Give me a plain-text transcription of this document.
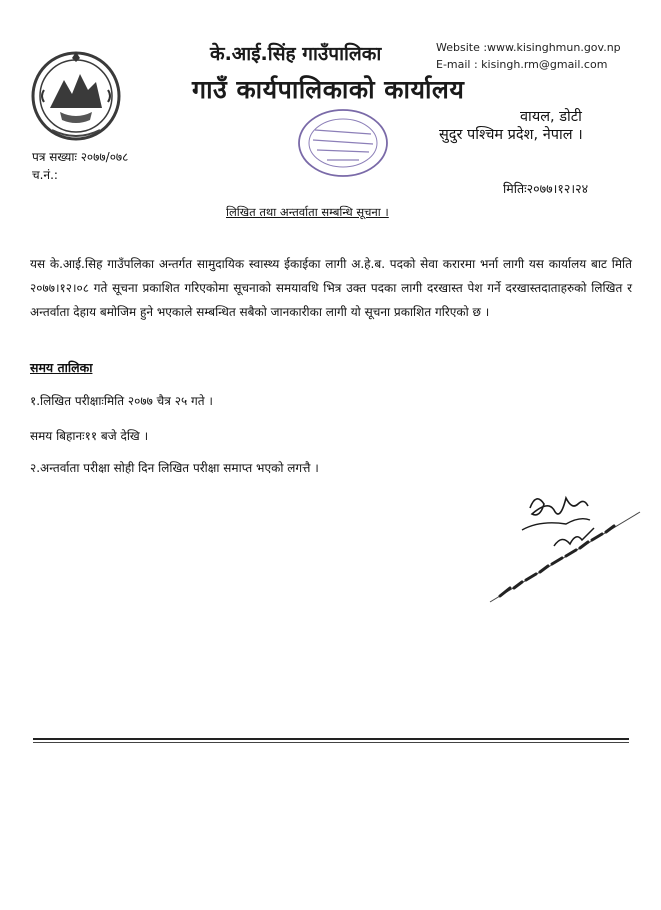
के.आई.सिंह गाउँपालिका
गाउँ कार्यपालिकाको कार्यालय
Website :www.kisinghmun.gov.np
E-mail : kisingh.rm@gmail.com
वायल, डोटी
सुदुर पश्चिम प्रदेश, नेपाल ।
पत्र सख्याः २०७७/०७८
च.नं.:
मितिः२०७७।१२।२४
लिखित तथा अन्तर्वाता सम्बन्धि सूचना ।
यस के.आई.सिह गाउँपलिका अन्तर्गत सामुदायिक स्वास्थ्य ईकाईका लागी अ.हे.ब. पदको सेवा करारमा भर्ना लागी यस कार्यालय बाट मिति २०७७।१२।०८ गते सूचना प्रकाशित गरिएकोमा सूचनाको समयावधि भित्र उक्त पदका लागी दरखास्त पेश गर्ने दरखास्तदाताहरुको लिखित र अन्तर्वाता देहाय बमोजिम हुने भएकाले सम्बन्धित सबैको जानकारीका लागी यो सूचना प्रकाशित गरिएको छ ।
समय तालिका
१.लिखित परीक्षाःमिति २०७७ चैत्र २५ गते ।
समय बिहानः११ बजे देखि ।
२.अन्तर्वाता परीक्षा सोही दिन लिखित परीक्षा समाप्त भएको लगत्तै ।
